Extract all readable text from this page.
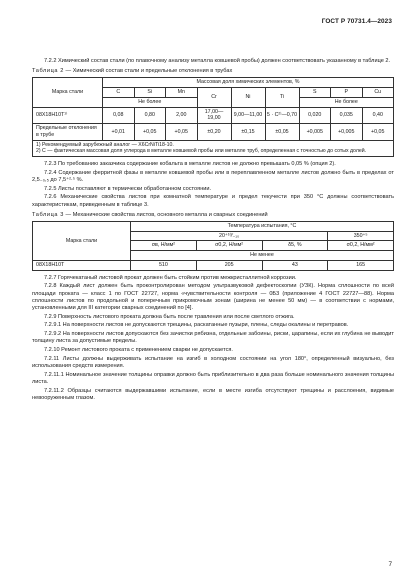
ГОСТ Р 70731.4—2023

7.2.2 Химический состав стали (по плавочному анализу металла ковшевой пробы) должен соответствовать указанному в таблице 2.

Таблица 2 — Химический состав стали и предельные отклонения в трубах
Марка стали	Массовая доля химических элементов, %								
	C	Si	Mn	Cr	Ni	Ti	S	P	Cu
	Не более						Не более		
08Х18Н10Т¹⁾	0,08	0,80	2,00	17,00—19,00	9,00—11,00	5 · C²⁾—0,70	0,020	0,035	0,40
Предельные отклонения в трубе	+0,01	+0,05	+0,05	±0,20	±0,15	±0,05	+0,005	+0,005	+0,05

1) Рекомендуемый зарубежный аналог — Х6CrNiTi18-10.
2) С — фактическая массовая доля углерода в металле ковшевой пробы или металле труб, определенная с точностью до сотых долей.									

7.2.3 По требованию заказчика содержание кобальта в металле листов не должно превышать 0,05 % (опция 2).

7.2.4 Содержание ферритной фазы в металле ковшевой пробы или в переплавленном металле листов должно быть в пределах от 2,5₋₀,₅ до 7,5⁺²·⁵ %.

7.2.5 Листы поставляют в термически обработанном состоянии.

7.2.6 Механические свойства листов при комнатной температуре и предел текучести при 350 °С должны соответствовать характеристикам, приведенным в таблице 3.

Таблица 3 — Механические свойства листов, основного металла и сварных соединений
Марка стали	Температура испытания, °С			
	20⁺¹⁰⁄₋₁₀			350⁺⁵
	σв, Н/мм²	σ0,2, Н/мм²	δ5, %	σ0,2, Н/мм²
	Не менее			
08Х18Н10Т	510	205	43	165

7.2.7 Горячекатаный листовой прокат должен быть стойким против межкристаллитной коррозии.

7.2.8 Каждый лист должен быть проконтролирован методом ультразвуковой дефектоскопии (УЗК). Норма сплошности по всей площади проката — класс 1 по ГОСТ 22727, норма «чувствительности контроля — 0Б3 (приложение 4 ГОСТ 22727—88). Норма сплошности листов по продольной и поперечным прикромочным зонам (ширина не менее 50 мм) — в соответствии с нормами, установленными для III категории сварных соединений по [4].

7.2.9 Поверхность листового проката должна быть после травления или после светлого отжига.

7.2.9.1 На поверхности листов не допускаются трещины, раскатанные пузыри, плены, следы окалины и перетравов.

7.2.9.2 На поверхности листов допускаются без зачистки рябизна, отдельные забоины, риски, царапины, если их глубина не выводит толщину листа за допустимые пределы.

7.2.10 Ремонт листового проката с применением сварки не допускается.

7.2.11 Листы должны выдерживать испытание на изгиб в холодном состоянии на угол 180°, определенный визуально, без использования средств измерения.

7.2.11.1 Номинальное значение толщины оправки должно быть приблизительно в два раза больше номинального значения толщины листа.

7.2.11.2 Образцы считаются выдержавшими испытание, если в месте изгиба отсутствуют трещины и расслоения, видимые невооруженным глазом.

7
